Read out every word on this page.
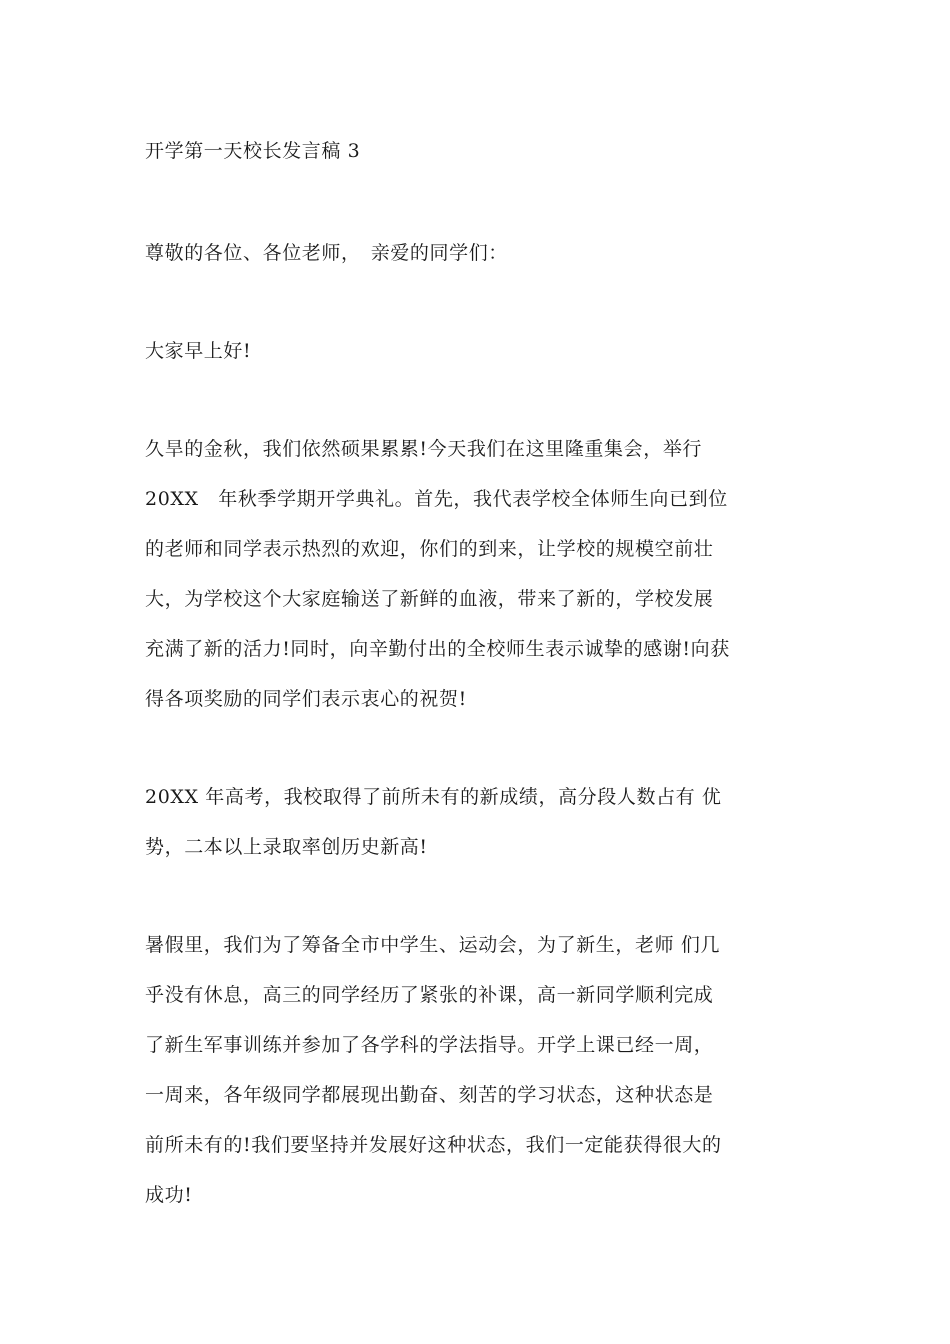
开学第一天校长发言稿 3
尊敬的各位、各位老师，　亲爱的同学们：
大家早上好!
久旱的金秋，我们依然硕果累累!今天我们在这里隆重集会，举行
20XX　年秋季学期开学典礼。首先，我代表学校全体师生向已到位
的老师和同学表示热烈的欢迎，你们的到来，让学校的规模空前壮
大，为学校这个大家庭输送了新鲜的血液，带来了新的，学校发展
充满了新的活力!同时，向辛勤付出的全校师生表示诚挚的感谢!向获
得各项奖励的同学们表示衷心的祝贺!
20XX 年高考，我校取得了前所未有的新成绩，高分段人数占有 优
势，二本以上录取率创历史新高!
暑假里，我们为了筹备全市中学生、运动会，为了新生，老师 们几
乎没有休息，高三的同学经历了紧张的补课，高一新同学顺利完成
了新生军事训练并参加了各学科的学法指导。开学上课已经一周，
一周来，各年级同学都展现出勤奋、刻苦的学习状态，这种状态是
前所未有的!我们要坚持并发展好这种状态，我们一定能获得很大的
成功!
